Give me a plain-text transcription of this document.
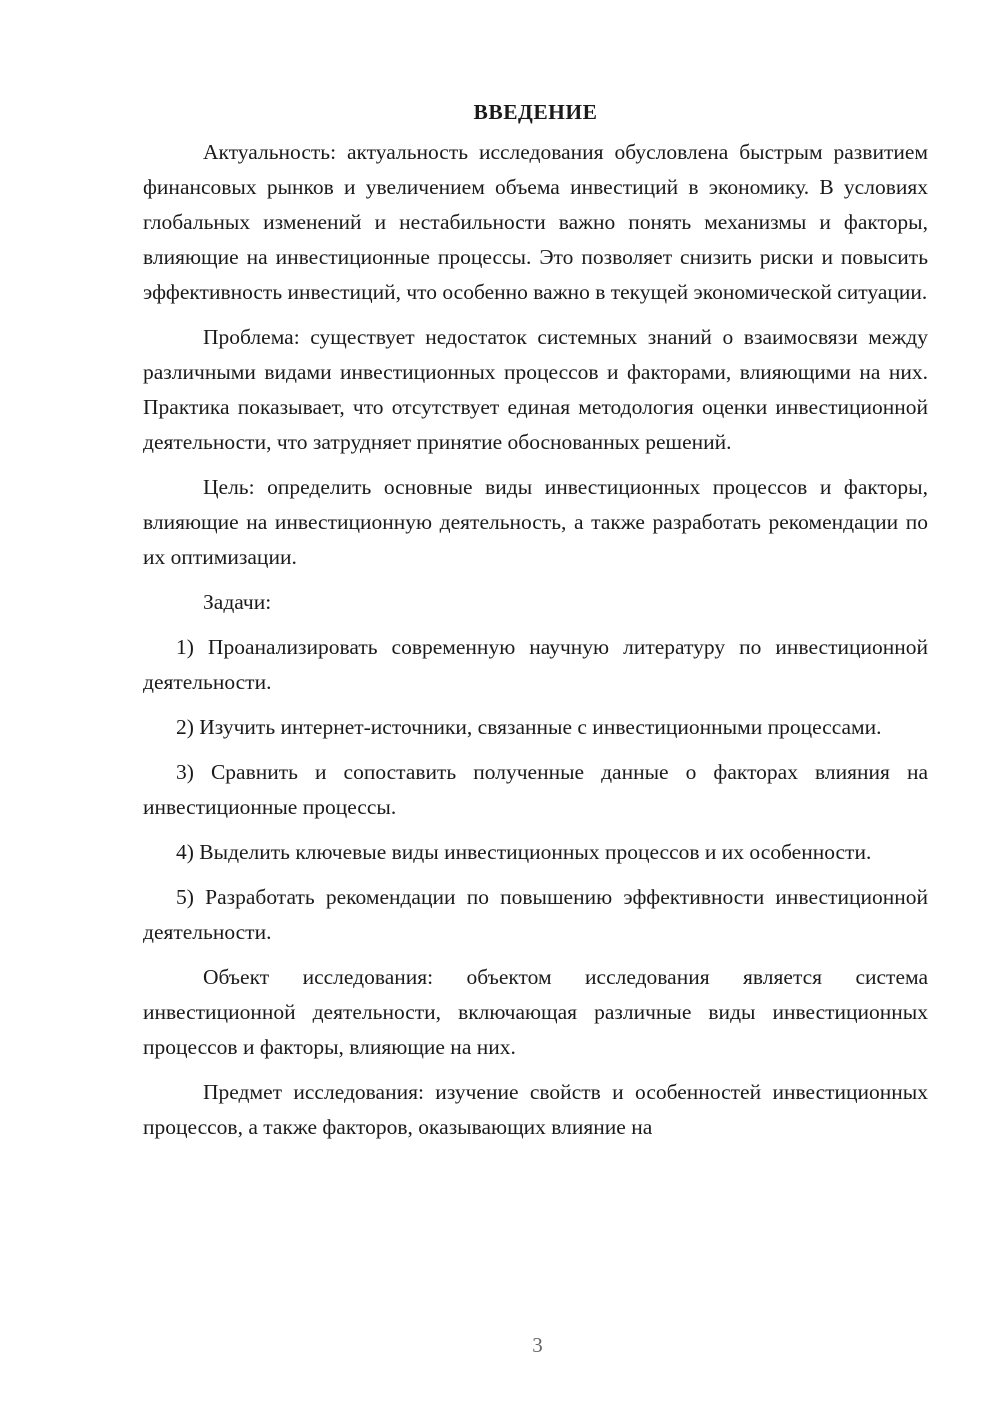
ВВЕДЕНИЕ

Актуальность: актуальность исследования обусловлена быстрым развитием финансовых рынков и увеличением объема инвестиций в экономику. В условиях глобальных изменений и нестабильности важно понять механизмы и факторы, влияющие на инвестиционные процессы. Это позволяет снизить риски и повысить эффективность инвестиций, что особенно важно в текущей экономической ситуации.

Проблема: существует недостаток системных знаний о взаимосвязи между различными видами инвестиционных процессов и факторами, влияющими на них. Практика показывает, что отсутствует единая методология оценки инвестиционной деятельности, что затрудняет принятие обоснованных решений.

Цель: определить основные виды инвестиционных процессов и факторы, влияющие на инвестиционную деятельность, а также разработать рекомендации по их оптимизации.

Задачи:

1) Проанализировать современную научную литературу по инвестиционной деятельности.

2) Изучить интернет-источники, связанные с инвестиционными процессами.

3) Сравнить и сопоставить полученные данные о факторах влияния на инвестиционные процессы.

4) Выделить ключевые виды инвестиционных процессов и их особенности.

5) Разработать рекомендации по повышению эффективности инвестиционной деятельности.

Объект исследования: объектом исследования является система инвестиционной деятельности, включающая различные виды инвестиционных процессов и факторы, влияющие на них.

Предмет исследования: изучение свойств и особенностей инвестиционных процессов, а также факторов, оказывающих влияние на

3
